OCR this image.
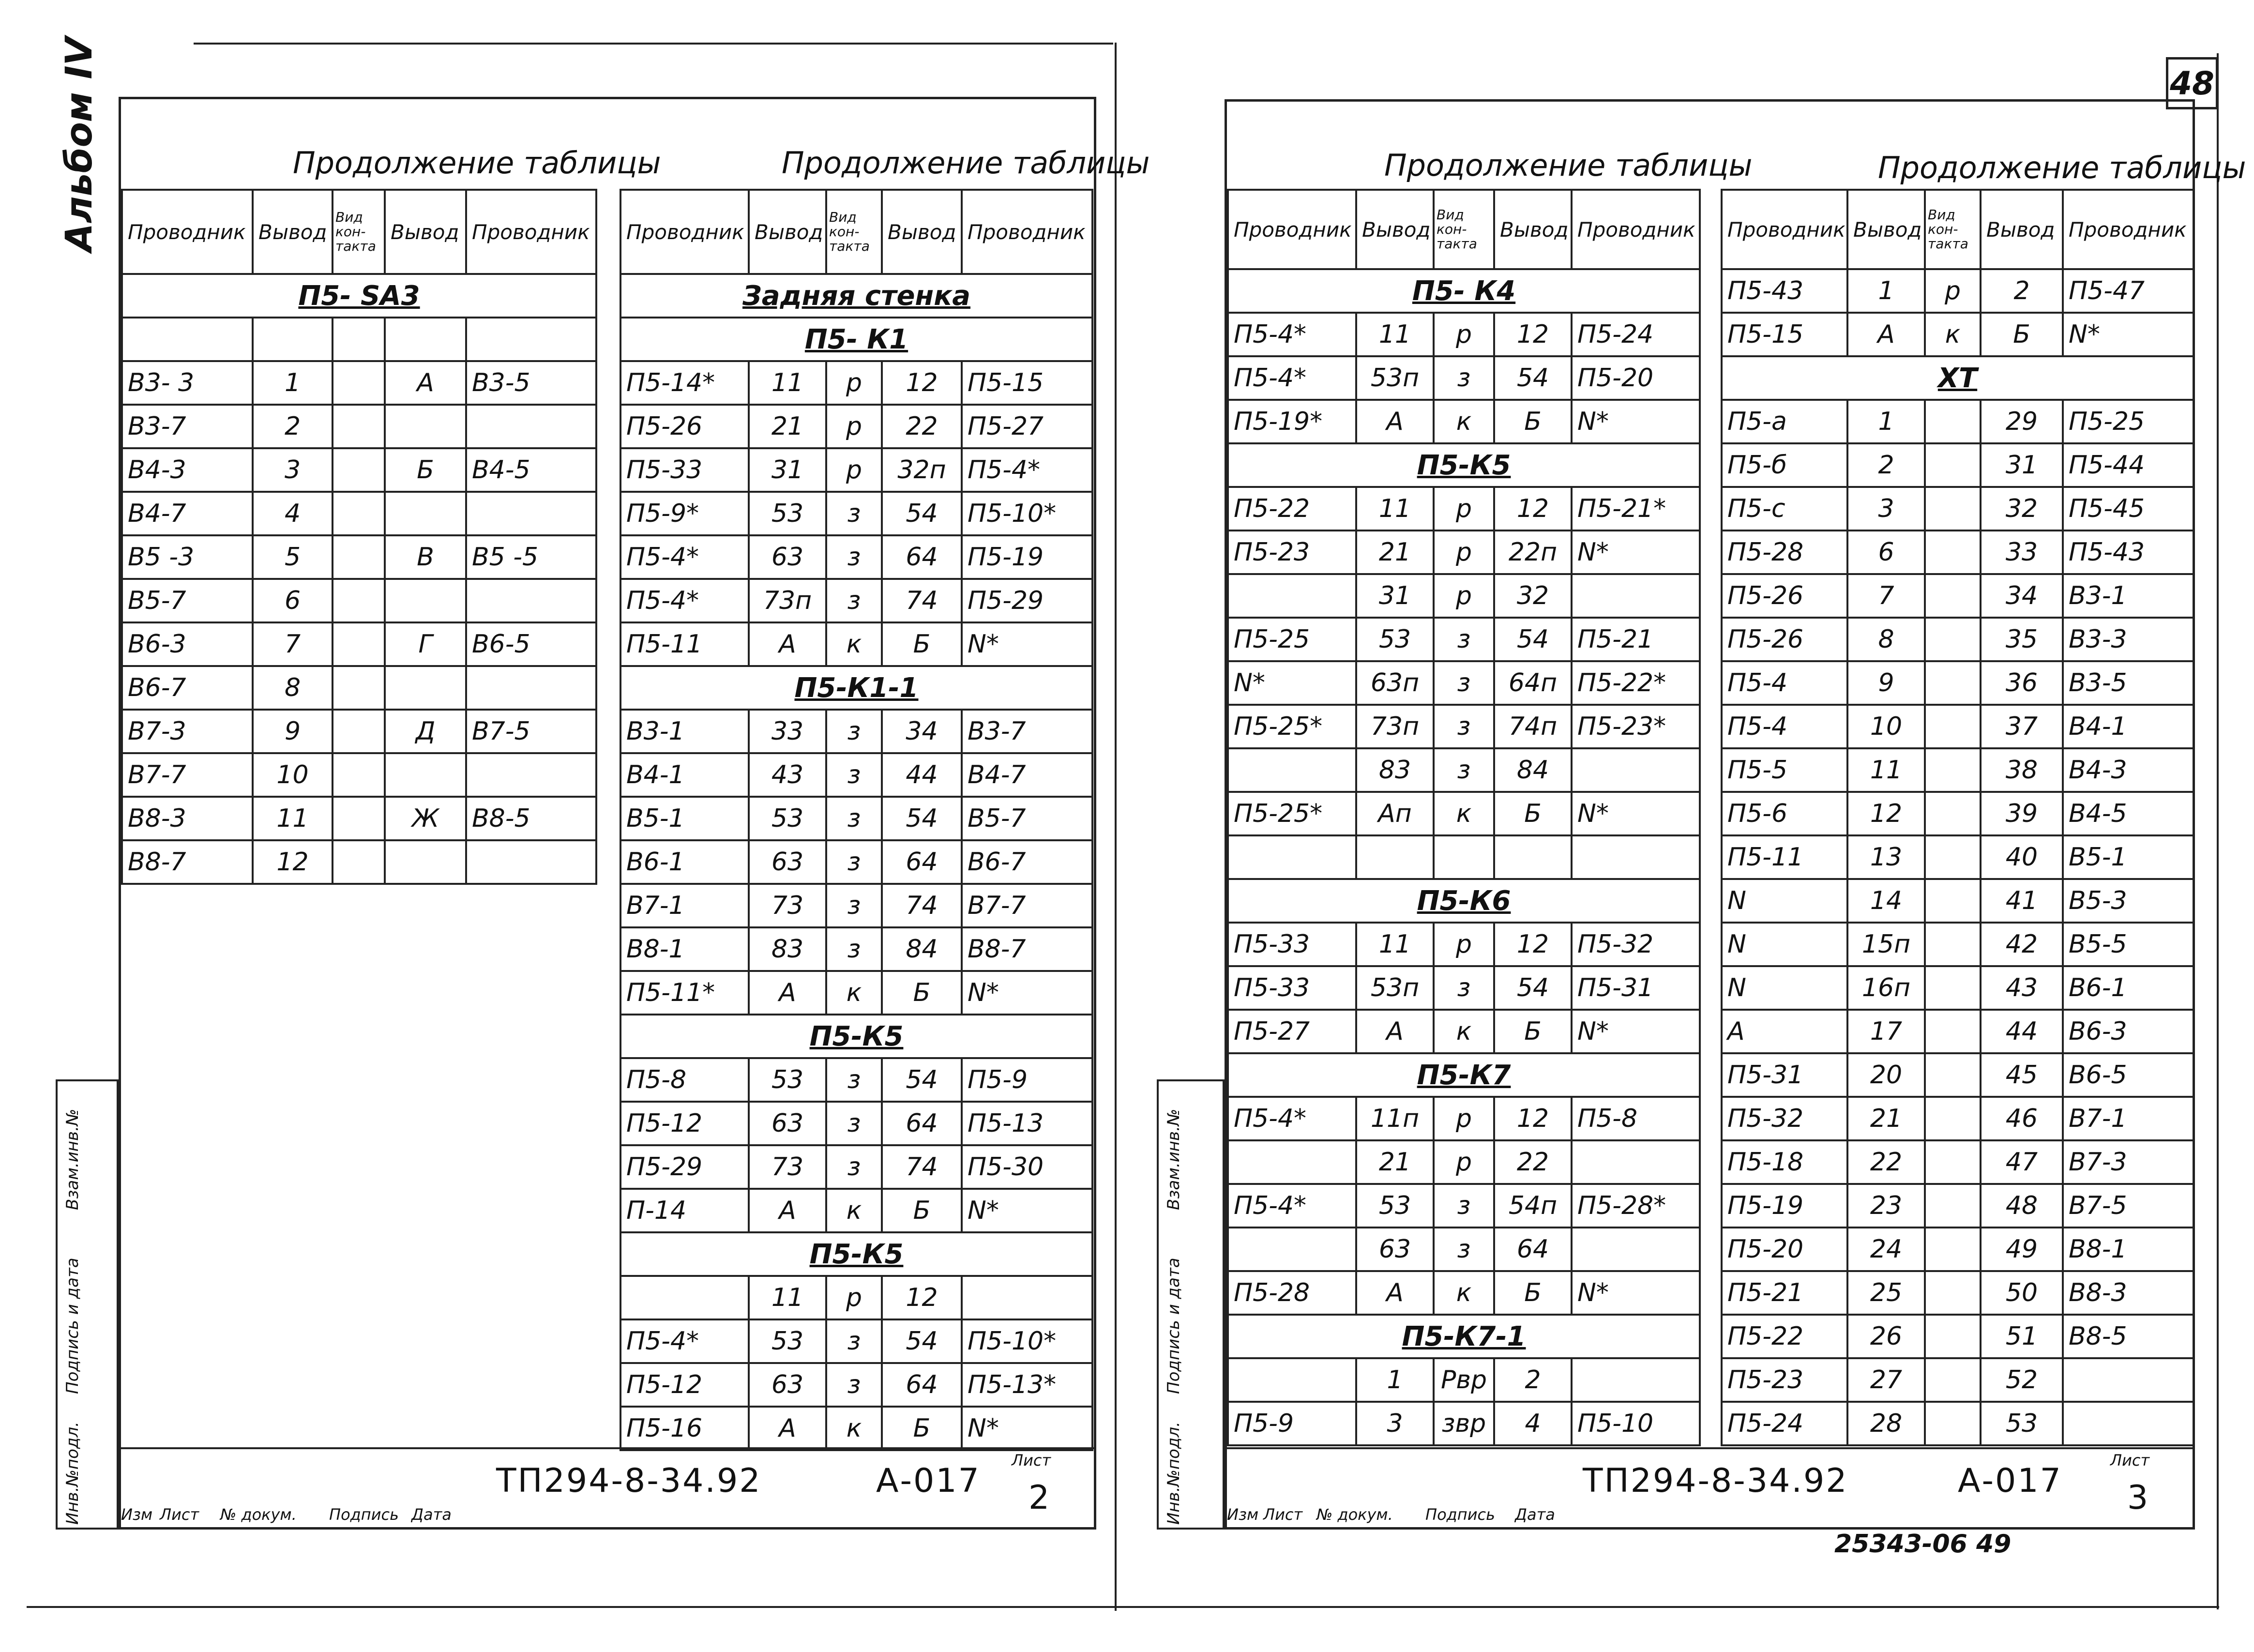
Альбом IV	48
Продолжение таблицы
Проводник	Вывод	Вид кон- такта	Вывод	Проводник
П5- SA3				

В3- 3	1		А	В3-5
В3-7	2			
В4-3	3		Б	В4-5
В4-7	4			
В5 -3	5		В	В5 -5
В5-7	6			
В6-3	7		Г	В6-5
В6-7	8			
В7-3	9		Д	В7-5
В7-7	10			
В8-3	11		Ж	В8-5
В8-7	12			
Продолжение таблицы
Проводник	Вывод	Вид кон- такта	Вывод	Проводник
Задняя стенка				
П5- К1				
П5-14*	11	р	12	П5-15
П5-26	21	р	22	П5-27
П5-33	31	р	32п	П5-4*
П5-9*	53	з	54	П5-10*
П5-4*	63	з	64	П5-19
П5-4*	73п	з	74	П5-29
П5-11	А	к	Б	N*
П5-К1-1				
В3-1	33	з	34	В3-7
В4-1	43	з	44	В4-7
В5-1	53	з	54	В5-7
В6-1	63	з	64	В6-7
В7-1	73	з	74	В7-7
В8-1	83	з	84	В8-7
П5-11*	А	к	Б	N*
П5-К5				
П5-8	53	з	54	П5-9
П5-12	63	з	64	П5-13
П5-29	73	з	74	П5-30
П-14	А	к	Б	N*
П5-К5				
	11	р	12	
П5-4*	53	з	54	П5-10*
П5-12	63	з	64	П5-13*
П5-16	А	к	Б	N*
Инв.№подл.
Подпись и дата
Взам.инв.№
ТП294-8-34.92	А-017
Лист
2
Изм Лист № докум. Подпись Дата
Продолжение таблицы
Проводник	Вывод	Вид кон- такта	Вывод	Проводник
П5- К4				
П5-4*	11	р	12	П5-24
П5-4*	53п	з	54	П5-20
П5-19*	А	к	Б	N*
П5-К5				
П5-22	11	р	12	П5-21*
П5-23	21	р	22п	N*
	31	р	32	
П5-25	53	з	54	П5-21
N*	63п	з	64п	П5-22*
П5-25*	73п	з	74п	П5-23*
	83	з	84	
П5-25*	Ап	к	Б	N*

П5-К6				
П5-33	11	р	12	П5-32
П5-33	53п	з	54	П5-31
П5-27	А	к	Б	N*
П5-К7				
П5-4*	11п	р	12	П5-8
	21	р	22	
П5-4*	53	з	54п	П5-28*
	63	з	64	
П5-28	А	к	Б	N*
П5-К7-1				
	1	Рвр	2	
П5-9	3	звр	4	П5-10
Продолжение таблицы
Проводник	Вывод	Вид кон- такта	Вывод	Проводник
П5-43	1	р	2	П5-47
П5-15	А	к	Б	N*
ХТ				
П5-а	1		29	П5-25
П5-б	2		31	П5-44
П5-с	3		32	П5-45
П5-28	6		33	П5-43
П5-26	7		34	В3-1
П5-26	8		35	В3-3
П5-4	9		36	В3-5
П5-4	10		37	В4-1
П5-5	11		38	В4-3
П5-6	12		39	В4-5
П5-11	13		40	В5-1
N	14		41	В5-3
N	15п		42	В5-5
N	16п		43	В6-1
А	17		44	В6-3
П5-31	20		45	В6-5
П5-32	21		46	В7-1
П5-18	22		47	В7-3
П5-19	23		48	В7-5
П5-20	24		49	В8-1
П5-21	25		50	В8-3
П5-22	26		51	В8-5
П5-23	27		52	
П5-24	28		53	
Инв.№подл.
Подпись и дата
Взам.инв.№
ТП294-8-34.92	А-017
Лист
3
Изм Лист № докум. Подпись Дата
25343-06 49
